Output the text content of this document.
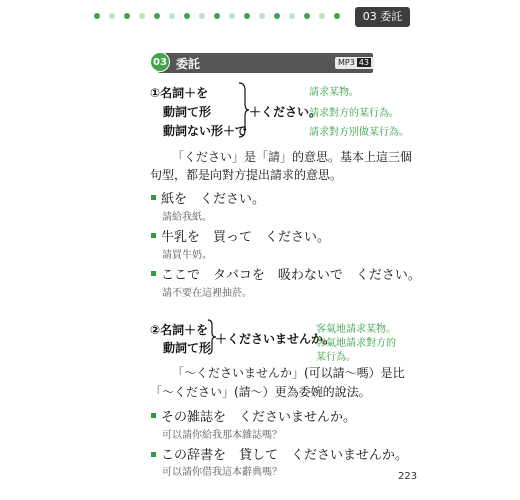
03 委託
03 委託	MP3 43
①名詞＋を
動詞て形
動詞ない形＋で
＋ください。
請求某物。
請求對方的某行為。
請求對方別做某行為。
「ください」是「請」的意思。基本上這三個
句型，都是向對方提出請求的意思。
紙を　ください。
請給我紙。
牛乳を　買って　ください。
請買牛奶。
ここで　タバコを　吸わないで　ください。
請不要在這裡抽菸。
②名詞＋を
動詞て形
＋くださいませんか。
客氣地請求某物。
客氣地請求對方的
某行為。
「～くださいませんか」(可以請～嗎）是比
「～ください」(請～）更為委婉的說法。
その雑誌を　くださいませんか。
可以請你給我那本雜誌嗎？
この辞書を　貸して　くださいませんか。
可以請你借我這本辭典嗎？	223
